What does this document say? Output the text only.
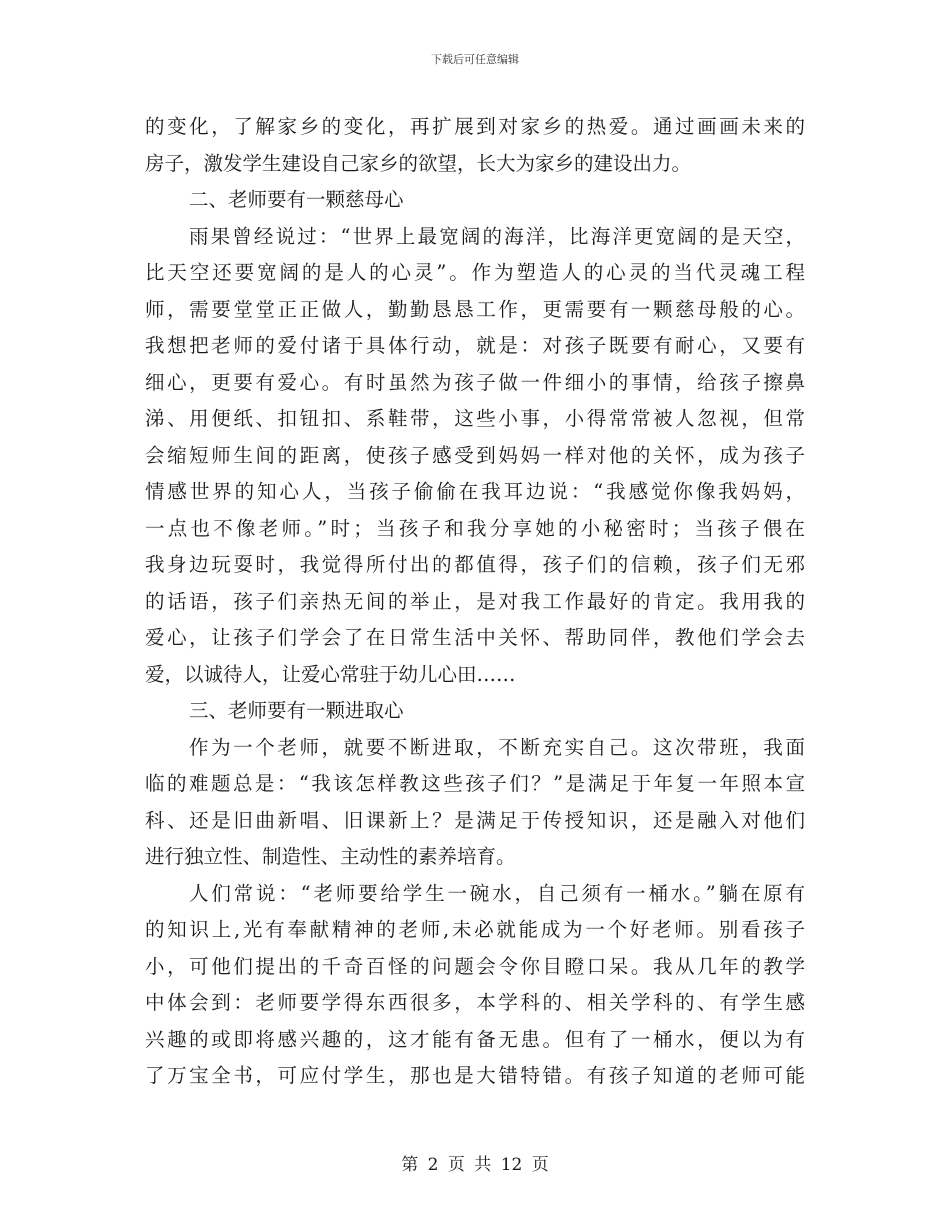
下载后可任意编辑
的变化，了解家乡的变化，再扩展到对家乡的热爱。通过画画未来的
房子，激发学生建设自己家乡的欲望，长大为家乡的建设出力。
二、老师要有一颗慈母心
雨果曾经说过：“世界上最宽阔的海洋，比海洋更宽阔的是天空，
比天空还要宽阔的是人的心灵”。作为塑造人的心灵的当代灵魂工程
师，需要堂堂正正做人，勤勤恳恳工作，更需要有一颗慈母般的心。
我想把老师的爱付诸于具体行动，就是：对孩子既要有耐心，又要有
细心，更要有爱心。有时虽然为孩子做一件细小的事情，给孩子擦鼻
涕、用便纸、扣钮扣、系鞋带，这些小事，小得常常被人忽视，但常
会缩短师生间的距离，使孩子感受到妈妈一样对他的关怀，成为孩子
情感世界的知心人，当孩子偷偷在我耳边说：“我感觉你像我妈妈，
一点也不像老师。”时；当孩子和我分享她的小秘密时；当孩子偎在
我身边玩耍时，我觉得所付出的都值得，孩子们的信赖，孩子们无邪
的话语，孩子们亲热无间的举止，是对我工作最好的肯定。我用我的
爱心，让孩子们学会了在日常生活中关怀、帮助同伴，教他们学会去
爱，以诚待人，让爱心常驻于幼儿心田……
三、老师要有一颗进取心
作为一个老师，就要不断进取，不断充实自己。这次带班，我面
临的难题总是：“我该怎样教这些孩子们？”是满足于年复一年照本宣
科、还是旧曲新唱、旧课新上？是满足于传授知识，还是融入对他们
进行独立性、制造性、主动性的素养培育。
人们常说：“老师要给学生一碗水，自己须有一桶水。”躺在原有
的知识上,光有奉献精神的老师,未必就能成为一个好老师。别看孩子
小，可他们提出的千奇百怪的问题会令你目瞪口呆。我从几年的教学
中体会到：老师要学得东西很多，本学科的、相关学科的、有学生感
兴趣的或即将感兴趣的，这才能有备无患。但有了一桶水，便以为有
了万宝全书，可应付学生，那也是大错特错。有孩子知道的老师可能
第 2 页 共 12 页
